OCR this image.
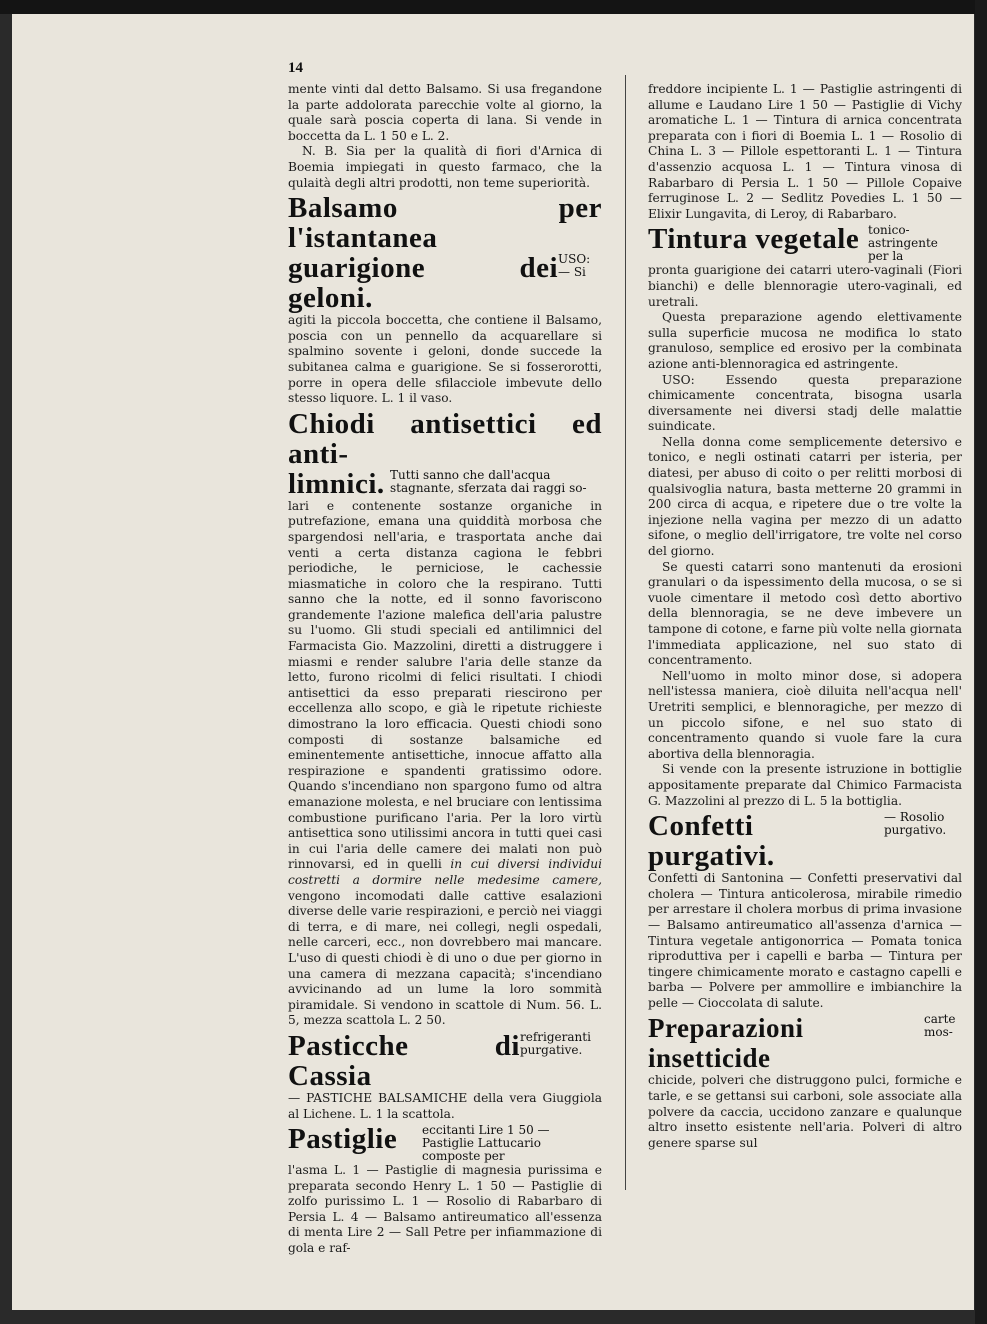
14

mente vinti dal detto Balsamo. Si usa fregandone la parte addolorata parecchie volte al giorno, la quale sarà poscia coperta di lana. Si vende in boccetta da L. 1 50 e L. 2.

N. B. Sia per la qualità di fiori d'Arnica di Boemia impiegati in questo farmaco, che la qulaità degli altri prodotti, non teme superiorità.

Balsamo per l'istantanea
USO: — Si
guarigione dei geloni.

agiti la piccola boccetta, che contiene il Balsamo, poscia con un pennello da acquarellare si spalmino sovente i geloni, donde succede la subitanea calma e guarigione. Se si fosserorotti, porre in opera delle sfilacciole imbevute dello stesso liquore. L. 1 il vaso.

Chiodi antisettici ed anti-
Tutti sanno che dall'acqua stagnante, sferzata dai raggi so-
limnici.

lari e contenente sostanze organiche in putrefazione, emana una quiddità morbosa che spargendosi nell'aria, e trasportata anche dai venti a certa distanza cagiona le febbri periodiche, le perniciose, le cachessie miasmatiche in coloro che la respirano. Tutti sanno che la notte, ed il sonno favoriscono grandemente l'azione malefica dell'aria palustre su l'uomo. Gli studi speciali ed antilimnici del Farmacista Gio. Mazzolini, diretti a distruggere i miasmi e render salubre l'aria delle stanze da letto, furono ricolmi di felici risultati. I chiodi antisettici da esso preparati riescirono per eccellenza allo scopo, e già le ripetute richieste dimostrano la loro efficacia. Questi chiodi sono composti di sostanze balsamiche ed eminentemente antisettiche, innocue affatto alla respirazione e spandenti gratissimo odore. Quando s'incendiano non spargono fumo od altra emanazione molesta, e nel bruciare con lentissima combustione purificano l'aria. Per la loro virtù antisettica sono utilissimi ancora in tutti quei casi in cui l'aria delle camere dei malati non può rinnovarsi, ed in quelli in cui diversi individui costretti a dormire nelle medesime camere, vengono incomodati dalle cattive esalazioni diverse delle varie respirazioni, e perciò nei viaggi di terra, e di mare, nei collegi, negli ospedali, nelle carceri, ecc., non dovrebbero mai mancare. L'uso di questi chiodi è di uno o due per giorno in una camera di mezzana capacità; s'incendiano avvicinando ad un lume la loro sommità piramidale. Si vendono in scattole di Num. 56. L. 5, mezza scattola L. 2 50.

refrigeranti purgative.
Pasticche di Cassia

— PASTICHE BALSAMICHE della vera Giuggiola al Lichene. L. 1 la scattola.

eccitanti Lire 1 50 — Pastiglie Lattucario composte per
Pastiglie

l'asma L. 1 — Pastiglie di magnesia purissima e preparata secondo Henry L. 1 50 — Pastiglie di zolfo purissimo L. 1 — Rosolio di Rabarbaro di Persia L. 4 — Balsamo antireumatico all'essenza di menta Lire 2 — Sall Petre per infiammazione di gola e raf-

freddore incipiente L. 1 — Pastiglie astringenti di allume e Laudano Lire 1 50 — Pastiglie di Vichy aromatiche L. 1 — Tintura di arnica concentrata preparata con i fiori di Boemia L. 1 — Rosolio di China L. 3 — Pillole espettoranti L. 1 — Tintura d'assenzio acquosa L. 1 — Tintura vinosa di Rabarbaro di Persia L. 1 50 — Pillole Copaive ferruginose L. 2 — Sedlitz Povedies L. 1 50 — Elixir Lungavita, di Leroy, di Rabarbaro.

tonico-astringente per la
Tintura vegetale

pronta guarigione dei catarri utero-vaginali (Fiori bianchi) e delle blennoragie utero-vaginali, ed uretrali.

Questa preparazione agendo elettivamente sulla superficie mucosa ne modifica lo stato granuloso, semplice ed erosivo per la combinata azione anti-blennoragica ed astringente.

USO: Essendo questa preparazione chimicamente concentrata, bisogna usarla diversamente nei diversi stadj delle malattie suindicate.

Nella donna come semplicemente detersivo e tonico, e negli ostinati catarri per isteria, per diatesi, per abuso di coito o per relitti morbosi di qualsivoglia natura, basta metterne 20 grammi in 200 circa di acqua, e ripetere due o tre volte la injezione nella vagina per mezzo di un adatto sifone, o meglio dell'irrigatore, tre volte nel corso del giorno.

Se questi catarri sono mantenuti da erosioni granulari o da ispessimento della mucosa, o se si vuole cimentare il metodo così detto abortivo della blennoragia, se ne deve imbevere un tampone di cotone, e farne più volte nella giornata l'immediata applicazione, nel suo stato di concentramento.

Nell'uomo in molto minor dose, si adopera nell'istessa maniera, cioè diluita nell'acqua nell' Uretriti semplici, e blennoragiche, per mezzo di un piccolo sifone, e nel suo stato di concentramento quando si vuole fare la cura abortiva della blennoragia.

Si vende con la presente istruzione in bottiglie appositamente preparate dal Chimico Farmacista G. Mazzolini al prezzo di L. 5 la bottiglia.

— Rosolio purgativo.
Confetti purgativi.

Confetti di Santonina — Confetti preservativi dal cholera — Tintura anticolerosa, mirabile rimedio per arrestare il cholera morbus di prima invasione — Balsamo antireumatico all'assenza d'arnica — Tintura vegetale antigonorrica — Pomata tonica riproduttiva per i capelli e barba — Tintura per tingere chimicamente morato e castagno capelli e barba — Polvere per ammollire e imbianchire la pelle — Cioccolata di salute.

carte mos-
Preparazioni insetticide

chicide, polveri che distruggono pulci, formiche e tarle, e se gettansi sui carboni, sole associate alla polvere da caccia, uccidono zanzare e qualunque altro insetto esistente nell'aria. Polveri di altro genere sparse sul
